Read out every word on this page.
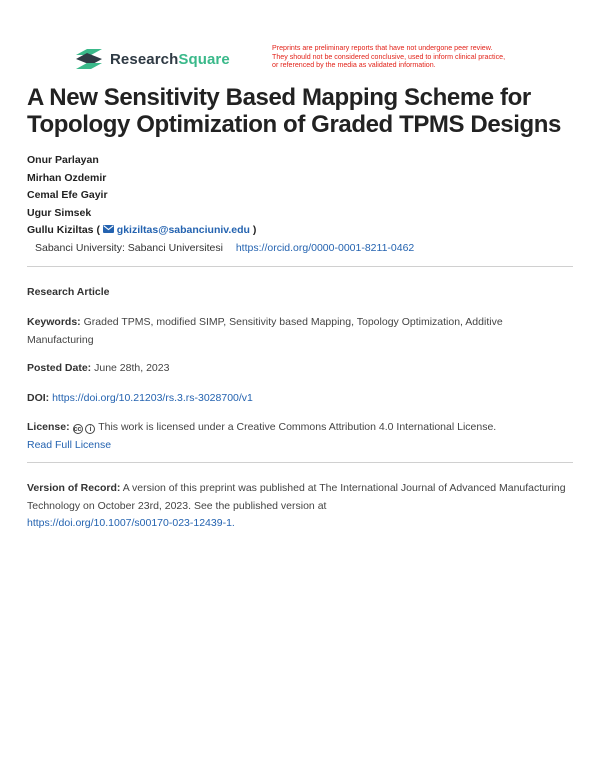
ResearchSquare
Preprints are preliminary reports that have not undergone peer review.
They should not be considered conclusive, used to inform clinical practice,
or referenced by the media as validated information.
A New Sensitivity Based Mapping Scheme for Topology Optimization of Graded TPMS Designs
Onur Parlayan
Mirhan Ozdemir
Cemal Efe Gayir
Ugur Simsek
Gullu Kiziltas (  gkiziltas@sabanciuniv.edu )
Sabanci University: Sabanci Universitesi https://orcid.org/0000-0001-8211-0462
Research Article
Keywords: Graded TPMS, modified SIMP, Sensitivity based Mapping, Topology Optimization, Additive Manufacturing
Posted Date: June 28th, 2023
DOI: https://doi.org/10.21203/rs.3.rs-3028700/v1
License: cc i This work is licensed under a Creative Commons Attribution 4.0 International License.
Read Full License
Version of Record: A version of this preprint was published at The International Journal of Advanced Manufacturing Technology on October 23rd, 2023. See the published version at
https://doi.org/10.1007/s00170-023-12439-1.
